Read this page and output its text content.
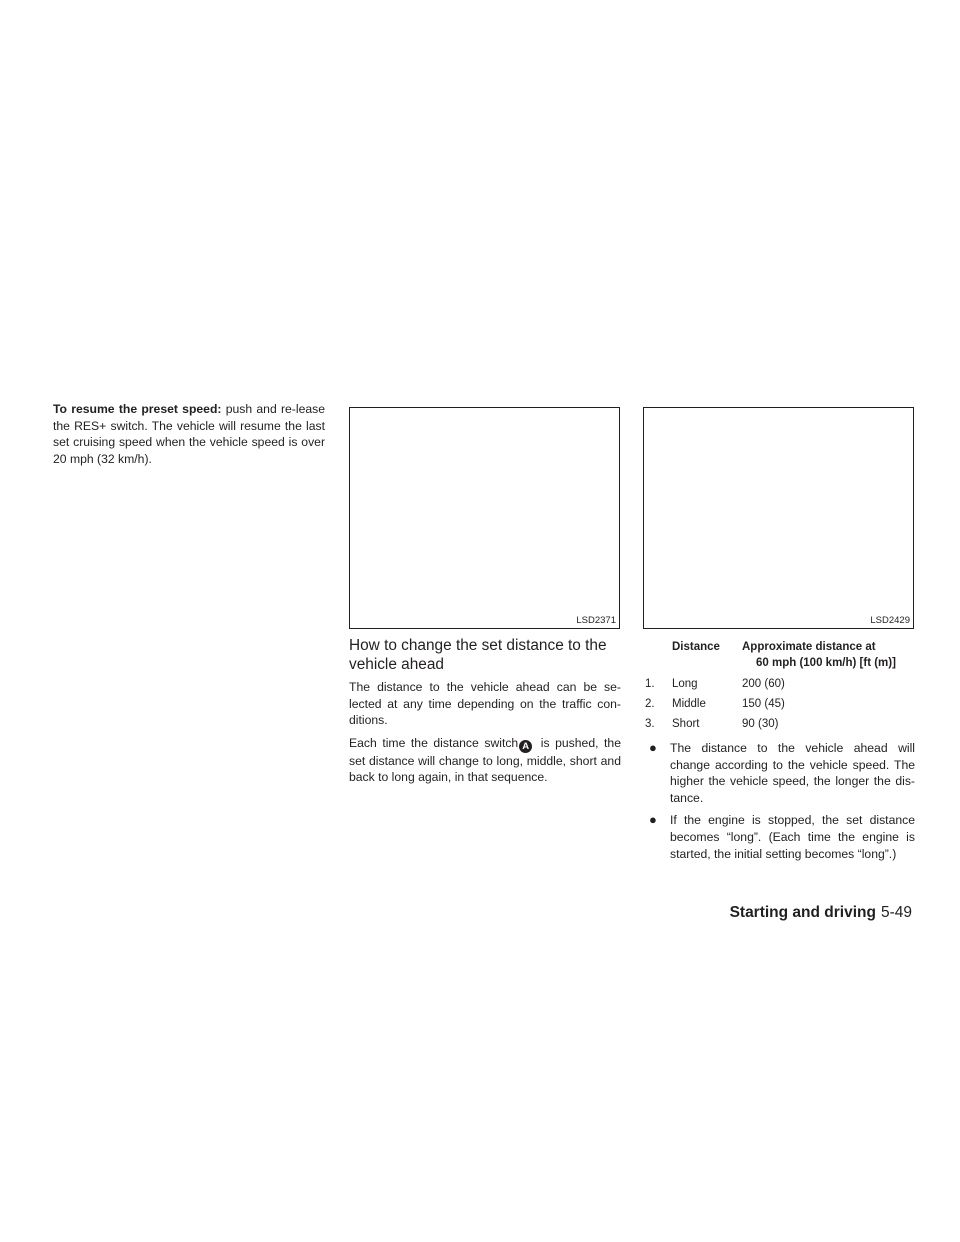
To resume the preset speed: push and re-lease the RES+ switch. The vehicle will resume the last set cruising speed when the vehicle speed is over 20 mph (32 km/h).
LSD2371	LSD2429
How to change the set distance to the vehicle ahead

The distance to the vehicle ahead can be se-lected at any time depending on the traffic con-ditions.

Each time the distance switch A is pushed, the set distance will change to long, middle, short and back to long again, in that sequence.

Distance Approximate distance at
60 mph (100 km/h) [ft (m)]
1. Long	200 (60)
2. Middle	150 (45)
3. Short	90 (30)
● The distance to the vehicle ahead will change according to the vehicle speed. The higher the vehicle speed, the longer the dis-tance.
● If the engine is stopped, the set distance becomes “long”. (Each time the engine is started, the initial setting becomes “long”.)
Starting and driving 5-49
